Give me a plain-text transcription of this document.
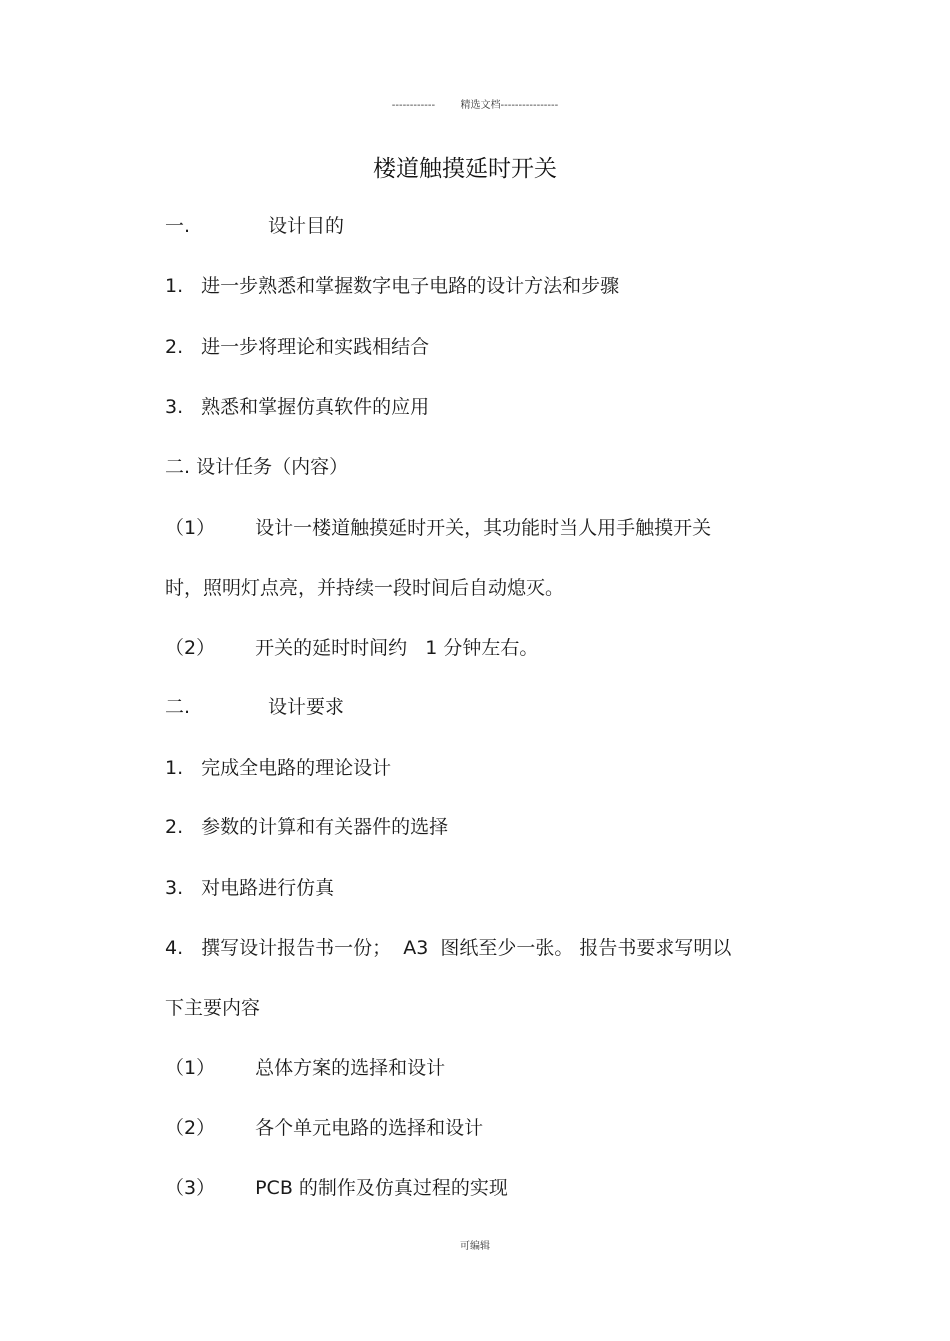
------------	精选文档----------------
楼道触摸延时开关
一.	设计目的
1. 进一步熟悉和掌握数字电子电路的设计方法和步骤
2. 进一步将理论和实践相结合
3. 熟悉和掌握仿真软件的应用
二. 设计任务（内容）
（1） 设计一楼道触摸延时开关，其功能时当人用手触摸开关
时，照明灯点亮，并持续一段时间后自动熄灭。
（2） 开关的延时时间约   1 分钟左右。
二.	设计要求
1. 完成全电路的理论设计
2. 参数的计算和有关器件的选择
3. 对电路进行仿真
4. 撰写设计报告书一份；  A3  图纸至少一张。 报告书要求写明以
下主要内容
（1） 总体方案的选择和设计
（2） 各个单元电路的选择和设计
（3） PCB 的制作及仿真过程的实现
可编辑
